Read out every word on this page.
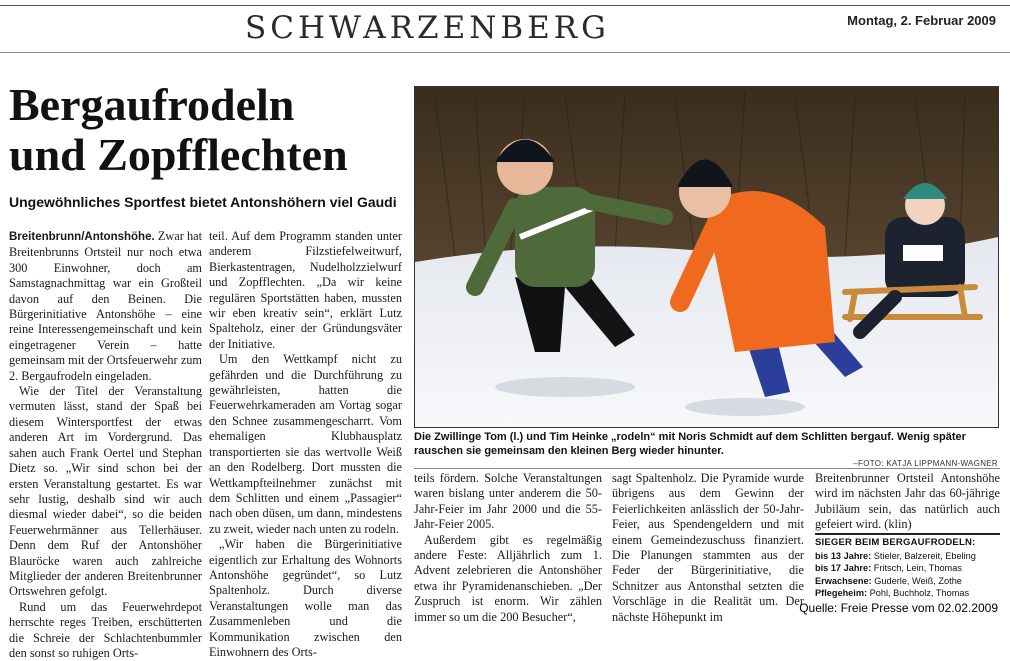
SCHWARZENBERG	Montag, 2. Februar 2009
Bergaufrodeln
und Zopfflechten
Ungewöhnliches Sportfest bietet Antonshöhern viel Gaudi

Breitenbrunn/Antonshöhe. Zwar hat Breitenbrunns Ortsteil nur noch etwa 300 Einwohner, doch am Samstagnachmittag war ein Großteil davon auf den Beinen. Die Bürgerinitiative Antonshöhe – eine reine Interessengemeinschaft und kein eingetragener Verein – hatte gemeinsam mit der Ortsfeuerwehr zum 2. Bergaufrodeln eingeladen.

Wie der Titel der Veranstaltung vermuten lässt, stand der Spaß bei diesem Wintersportfest der etwas anderen Art im Vordergrund. Das sahen auch Frank Oertel und Stephan Dietz so. „Wir sind schon bei der ersten Veranstaltung gestartet. Es war sehr lustig, deshalb sind wir auch diesmal wieder dabei“, so die beiden Feuerwehrmänner aus Tellerhäuser. Denn dem Ruf der Antonshöher Blauröcke waren auch zahlreiche Mitglieder der anderen Breitenbrunner Ortswehren gefolgt.

Rund um das Feuerwehrdepot herrschte reges Treiben, erschütterten die Schreie der Schlachtenbummler den sonst so ruhigen Orts-

teil. Auf dem Programm standen unter anderem Filzstiefelweitwurf, Bierkastentragen, Nudelholzzielwurf und Zopfflechten. „Da wir keine regulären Sportstätten haben, mussten wir eben kreativ sein“, erklärt Lutz Spalteholz, einer der Gründungsväter der Initiative.

Um den Wettkampf nicht zu gefährden und die Durchführung zu gewährleisten, hatten die Feuerwehrkameraden am Vortag sogar den Schnee zusammengescharrt. Vom ehemaligen Klubhausplatz transportierten sie das wertvolle Weiß an den Rodelberg. Dort mussten die Wettkampfteilnehmer zunächst mit dem Schlitten und einem „Passagier“ nach oben düsen, um dann, mindestens zu zweit, wieder nach unten zu rodeln.

„Wir haben die Bürgerinitiative eigentlich zur Erhaltung des Wohnorts Antonshöhe gegründet“, so Lutz Spaltenholz. Durch diverse Veranstaltungen wolle man das Zusammenleben und die Kommunikation zwischen den Einwohnern des Orts-

Die Zwillinge Tom (l.) und Tim Heinke „rodeln“ mit Noris Schmidt auf dem Schlitten bergauf. Wenig später rauschen sie gemeinsam den kleinen Berg wieder hinunter.
–FOTO: KATJA LIPPMANN-WAGNER

teils fördern. Solche Veranstaltungen waren bislang unter anderem die 50-Jahr-Feier im Jahr 2000 und die 55-Jahr-Feier 2005.

Außerdem gibt es regelmäßig andere Feste: Alljährlich zum 1. Advent zelebrieren die Antonshöher etwa ihr Pyramidenanschieben. „Der Zuspruch ist enorm. Wir zählen immer so um die 200 Besucher“,

sagt Spaltenholz. Die Pyramide wurde übrigens aus dem Gewinn der Feierlichkeiten anlässlich der 50-Jahr-Feier, aus Spendengeldern und mit einem Gemeindezuschuss finanziert. Die Planungen stammten aus der Feder der Bürgerinitiative, die Schnitzer aus Antonsthal setzten die Vorschläge in die Realität um. Der nächste Höhepunkt im

Breitenbrunner Ortsteil Antonshöhe wird im nächsten Jahr das 60-jährige Jubiläum sein, das natürlich auch gefeiert wird. (klin)

SIEGER BEIM BERGAUFRODELN:
bis 13 Jahre: Stieler, Balzereit, Ebeling
bis 17 Jahre: Fritsch, Lein, Thomas
Erwachsene: Guderle, Weiß, Zothe
Pflegeheim: Pohl, Buchholz, Thomas
Quelle: Freie Presse vom 02.02.2009
